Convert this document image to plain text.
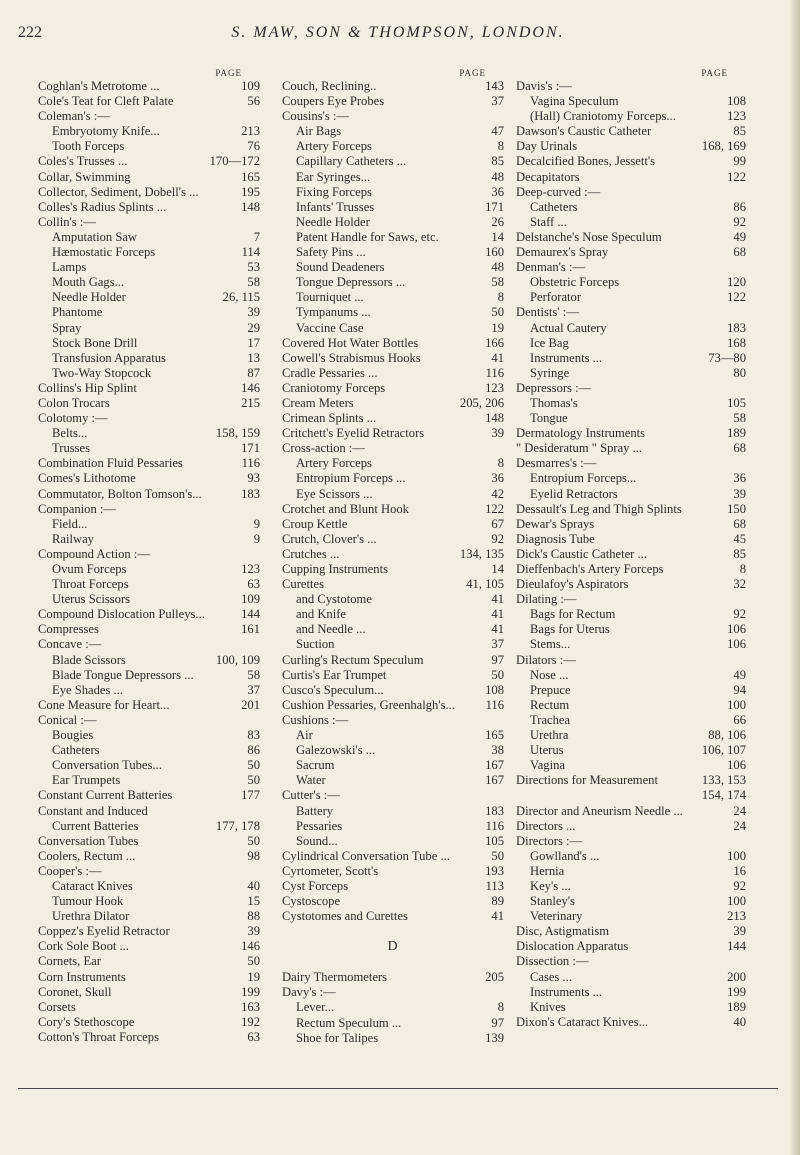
222	S. MAW, SON & THOMPSON, LONDON.
PAGE
Coghlan's Metrotome ...	109
Cole's Teat for Cleft Palate	56
Coleman's :—
Embryotomy Knife...	213
Tooth Forceps	76
Coles's Trusses ...	170—172
Collar, Swimming	165
Collector, Sediment, Dobell's ...	195
Colles's Radius Splints ...	148
Collin's :—
Amputation Saw	7
Hæmostatic Forceps	114
Lamps	53
Mouth Gags...	58
Needle Holder	26, 115
Phantome	39
Spray	29
Stock Bone Drill	17
Transfusion Apparatus	13
Two-Way Stopcock	87
Collins's Hip Splint	146
Colon Trocars	215
Colotomy :—
Belts...	158, 159
Trusses	171
Combination Fluid Pessaries	116
Comes's Lithotome	93
Commutator, Bolton Tomson's...	183
Companion :—
Field...	9
Railway	9
Compound Action :—
Ovum Forceps	123
Throat Forceps	63
Uterus Scissors	109
Compound Dislocation Pulleys...	144
Compresses	161
Concave :—
Blade Scissors	100, 109
Blade Tongue Depressors ...	58
Eye Shades ...	37
Cone Measure for Heart...	201
Conical :—
Bougies	83
Catheters	86
Conversation Tubes...	50
Ear Trumpets	50
Constant Current Batteries	177
Constant and Induced
Current Batteries	177, 178
Conversation Tubes	50
Coolers, Rectum ...	98
Cooper's :—
Cataract Knives	40
Tumour Hook	15
Urethra Dilator	88
Coppez's Eyelid Retractor	39
Cork Sole Boot ...	146
Cornets, Ear	50
Corn Instruments	19
Coronet, Skull	199
Corsets	163
Cory's Stethoscope	192
Cotton's Throat Forceps	63
PAGE
Couch, Reclining..	143
Coupers Eye Probes	37
Cousins's :—
Air Bags	47
Artery Forceps	8
Capillary Catheters ...	85
Ear Syringes...	48
Fixing Forceps	36
Infants' Trusses	171
Needle Holder	26
Patent Handle for Saws, etc.	14
Safety Pins ...	160
Sound Deadeners	48
Tongue Depressors ...	58
Tourniquet ...	8
Tympanums ...	50
Vaccine Case	19
Covered Hot Water Bottles	166
Cowell's Strabismus Hooks	41
Cradle Pessaries ...	116
Craniotomy Forceps	123
Cream Meters	205, 206
Crimean Splints ...	148
Critchett's Eyelid Retractors	39
Cross-action :—
Artery Forceps	8
Entropium Forceps ...	36
Eye Scissors ...	42
Crotchet and Blunt Hook	122
Croup Kettle	67
Crutch, Clover's ...	92
Crutches ...	134, 135
Cupping Instruments	14
Curettes	41, 105
and Cystotome	41
and Knife	41
and Needle ...	41
Suction	37
Curling's Rectum Speculum	97
Curtis's Ear Trumpet	50
Cusco's Speculum...	108
Cushion Pessaries, Greenhalgh's... 116
Cushions :—
Air	165
Galezowski's ...	38
Sacrum	167
Water	167
Cutter's :—
Battery	183
Pessaries	116
Sound...	105
Cylindrical Conversation Tube ...	50
Cyrtometer, Scott's	193
Cyst Forceps	113
Cystoscope	89
Cystotomes and Curettes	41
D
Dairy Thermometers	205
Davy's :—
Lever...	8
Rectum Speculum ...	97
Shoe for Talipes	139
PAGE
Davis's :—
Vagina Speculum	108
(Hall) Craniotomy Forceps...	123
Dawson's Caustic Catheter	85
Day Urinals	168, 169
Decalcified Bones, Jessett's	99
Decapitators	122
Deep-curved :—
Catheters	86
Staff ...	92
Delstanche's Nose Speculum	49
Demaurex's Spray	68
Denman's :—
Obstetric Forceps	120
Perforator	122
Dentists' :—
Actual Cautery	183
Ice Bag	168
Instruments ...	73—80
Syringe	80
Depressors :—
Thomas's	105
Tongue	58
Dermatology Instruments	189
" Desideratum " Spray ...	68
Desmarres's :—
Entropium Forceps...	36
Eyelid Retractors	39
Dessault's Leg and Thigh Splints	150
Dewar's Sprays	68
Diagnosis Tube	45
Dick's Caustic Catheter ...	85
Dieffenbach's Artery Forceps	8
Dieulafoy's Aspirators	32
Dilating :—
Bags for Rectum	92
Bags for Uterus	106
Stems...	106
Dilators :—
Nose ...	49
Prepuce	94
Rectum	100
Trachea	66
Urethra	88, 106
Uterus	106, 107
Vagina	106
Directions for Measurement	133, 153
154, 174
Director and Aneurism Needle ...	24
Directors ...	24
Directors :—
Gowlland's ...	100
Hernia	16
Key's ...	92
Stanley's	100
Veterinary	213
Disc, Astigmatism	39
Dislocation Apparatus	144
Dissection :—
Cases ...	200
Instruments ...	199
Knives	189
Dixon's Cataract Knives...	40
